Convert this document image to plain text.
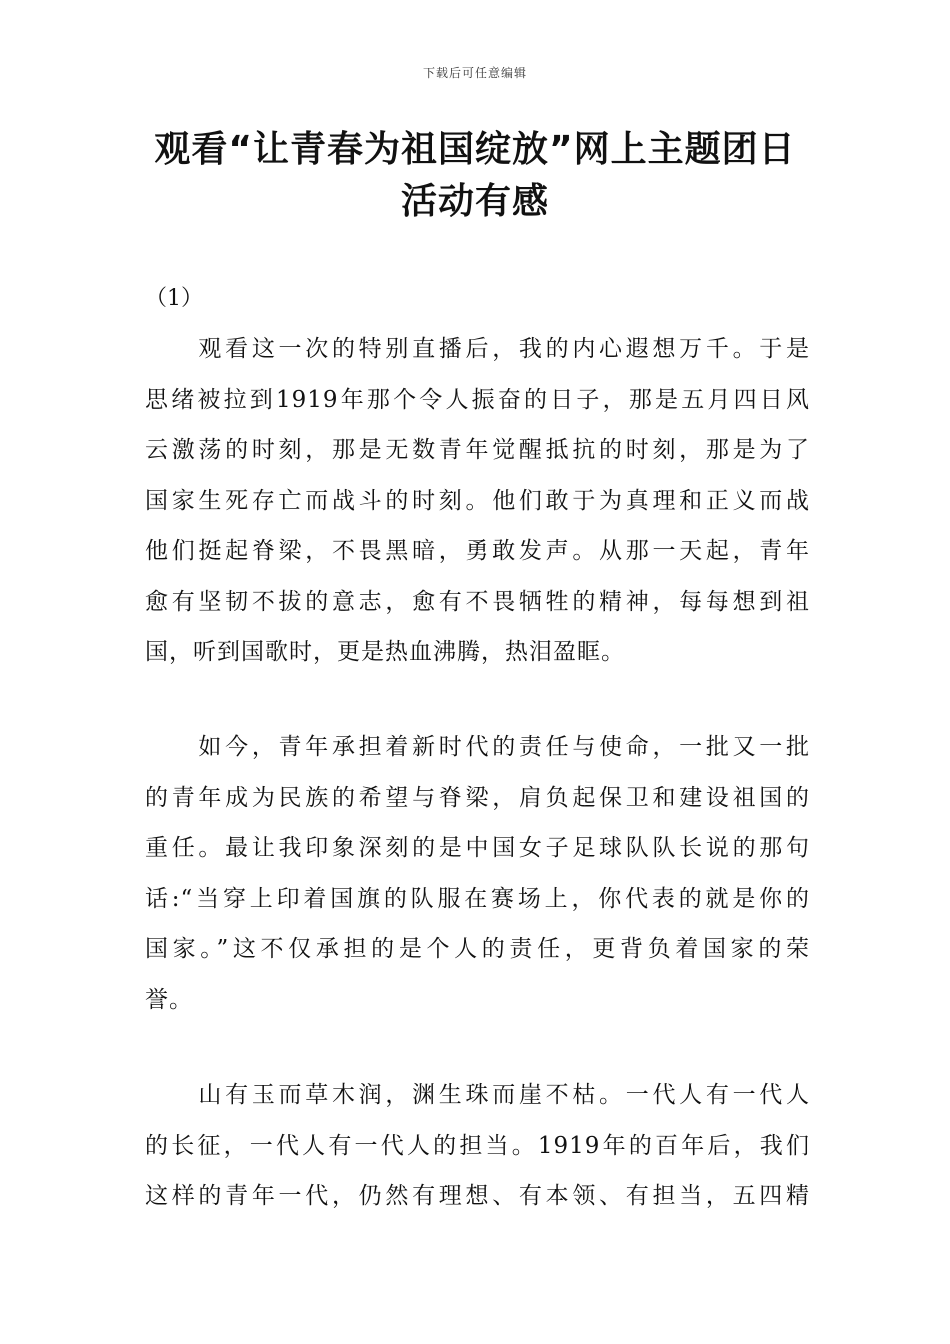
下载后可任意编辑
观看“让青春为祖国绽放”网上主题团日
活动有感
（1）
　　观看这一次的特别直播后，我的内心遐想万千。于是
思绪被拉到1919年那个令人振奋的日子，那是五月四日风
云激荡的时刻，那是无数青年觉醒抵抗的时刻，那是为了
国家生死存亡而战斗的时刻。他们敢于为真理和正义而战
他们挺起脊梁，不畏黑暗，勇敢发声。从那一天起，青年
愈有坚韧不拔的意志，愈有不畏牺牲的精神，每每想到祖
国，听到国歌时，更是热血沸腾，热泪盈眶。
　　如今，青年承担着新时代的责任与使命，一批又一批
的青年成为民族的希望与脊梁，肩负起保卫和建设祖国的
重任。最让我印象深刻的是中国女子足球队队长说的那句
话:“当穿上印着国旗的队服在赛场上，你代表的就是你的
国家。”这不仅承担的是个人的责任，更背负着国家的荣
誉。
　　山有玉而草木润，渊生珠而崖不枯。一代人有一代人
的长征，一代人有一代人的担当。1919年的百年后，我们
这样的青年一代，仍然有理想、有本领、有担当，五四精
